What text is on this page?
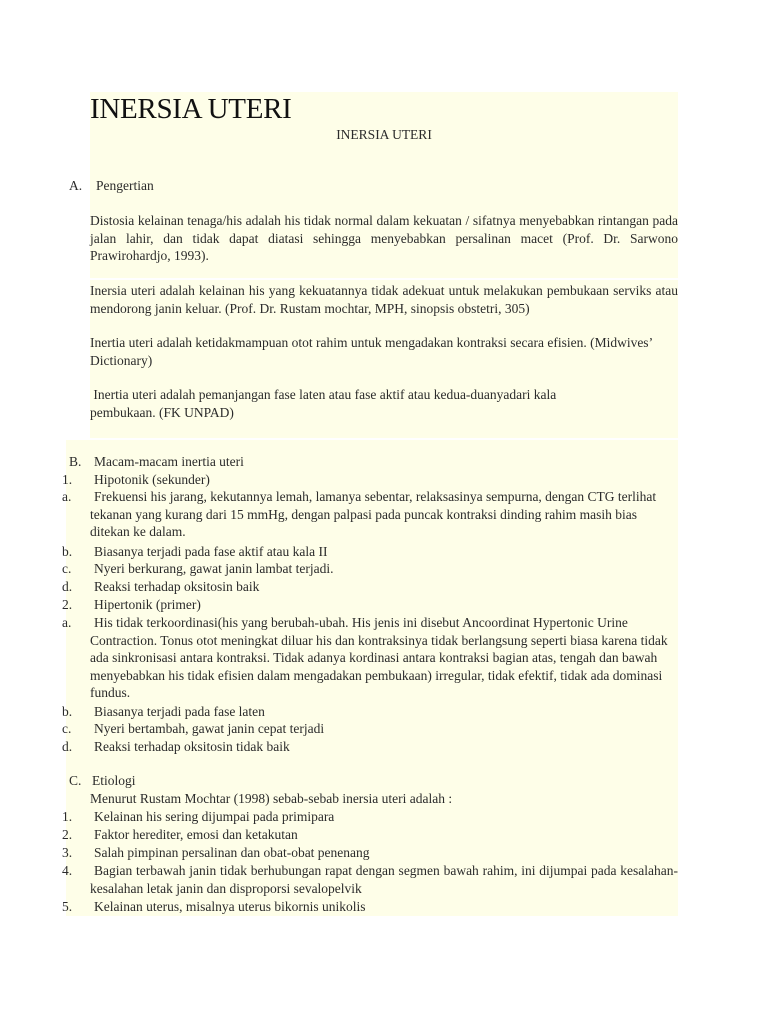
INERSIA UTERI
INERSIA UTERI
A. Pengertian
Distosia kelainan tenaga/his adalah his tidak normal dalam kekuatan / sifatnya menyebabkan rintangan pada jalan lahir, dan tidak dapat diatasi sehingga menyebabkan persalinan macet (Prof. Dr. Sarwono Prawirohardjo, 1993).
Inersia uteri adalah kelainan his yang kekuatannya tidak adekuat untuk melakukan pembukaan serviks atau mendorong janin keluar. (Prof. Dr. Rustam mochtar, MPH, sinopsis obstetri, 305)
Inertia uteri adalah ketidakmampuan otot rahim untuk mengadakan kontraksi secara efisien. (Midwives’ Dictionary)
Inertia uteri adalah pemanjangan fase laten atau fase aktif atau kedua-duanyadari kala pembukaan. (FK UNPAD)
B. Macam-macam inertia uteri
1. Hipotonik (sekunder)
a. Frekuensi his jarang, kekutannya lemah, lamanya sebentar, relaksasinya sempurna, dengan CTG terlihat tekanan yang kurang dari 15 mmHg, dengan palpasi pada puncak kontraksi dinding rahim masih bias ditekan ke dalam.
b. Biasanya terjadi pada fase aktif atau kala II
c. Nyeri berkurang, gawat janin lambat terjadi.
d. Reaksi terhadap oksitosin baik
2. Hipertonik (primer)
a. His tidak terkoordinasi(his yang berubah-ubah. His jenis ini disebut Ancoordinat Hypertonic Urine Contraction. Tonus otot meningkat diluar his dan kontraksinya tidak berlangsung seperti biasa karena tidak ada sinkronisasi antara kontraksi. Tidak adanya kordinasi antara kontraksi bagian atas, tengah dan bawah menyebabkan his tidak efisien dalam mengadakan pembukaan) irregular, tidak efektif, tidak ada dominasi fundus.
b. Biasanya terjadi pada fase laten
c. Nyeri bertambah, gawat janin cepat terjadi
d. Reaksi terhadap oksitosin tidak baik
C. Etiologi
Menurut Rustam Mochtar (1998) sebab-sebab inersia uteri adalah :
1. Kelainan his sering dijumpai pada primipara
2. Faktor herediter, emosi dan ketakutan
3. Salah pimpinan persalinan dan obat-obat penenang
4. Bagian terbawah janin tidak berhubungan rapat dengan segmen bawah rahim, ini dijumpai pada kesalahan-kesalahan letak janin dan disproporsi sevalopelvik
5. Kelainan uterus, misalnya uterus bikornis unikolis
